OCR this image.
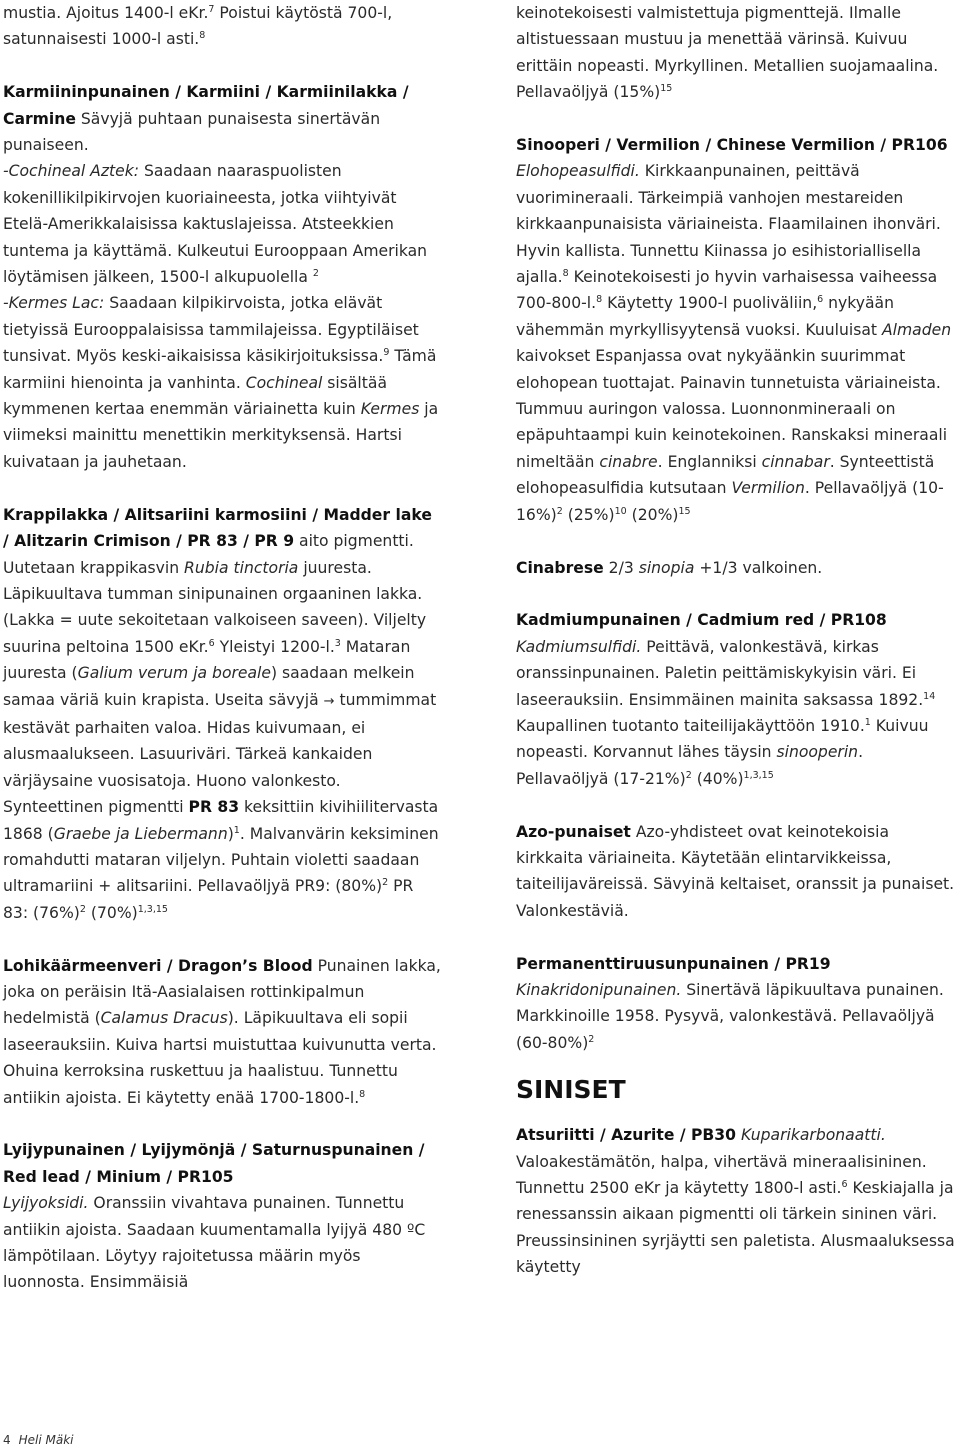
mustia. Ajoitus 1400-l eKr.$^7$ Poistui käytöstä 700-l, satunnaisesti 1000-l asti.$^8$

Karmiininpunainen / Karmiini / Karmiinilakka / Carmine Sävyjä puhtaan punaisesta sinertävän punaiseen.
-Cochineal Aztek: Saadaan naaraspuolisten kokenillikilpikirvojen kuoriaineesta, jotka viihtyivät Etelä-Amerikkalaisissa kaktuslajeissa. Atsteekkien tuntema ja käyttämä. Kulkeutui Eurooppaan Amerikan löytämisen jälkeen, 1500-l alkupuolella $^2$
-Kermes Lac: Saadaan kilpikirvoista, jotka elävät tietyissä Eurooppalaisissa tammilajeissa. Egyptiläiset tunsivat. Myös keski-aikaisissa käsikirjoituksissa.$^9$ Tämä karmiini hienointa ja vanhinta. Cochineal sisältää kymmenen kertaa enemmän väriainetta kuin Kermes ja viimeksi mainittu menettikin merkityksensä. Hartsi kuivataan ja jauhetaan.

Krappilakka / Alitsariini karmosiini / Madder lake / Alitzarin Crimison / PR 83 / PR 9 aito pigmentti. Uutetaan krappikasvin Rubia tinctoria juuresta. Läpikuultava tumman sinipunainen orgaaninen lakka. (Lakka = uute sekoitetaan valkoiseen saveen). Viljelty suurina peltoina 1500 eKr.$^6$ Yleistyi 1200-l.$^3$ Mataran juuresta (Galium verum ja boreale) saadaan melkein samaa väriä kuin krapista. Useita sävyjä → tummimmat kestävät parhaiten valoa. Hidas kuivumaan, ei alusmaalukseen. Lasuuriväri. Tärkeä kankaiden värjäysaine vuosisatoja. Huono valonkesto. Synteettinen pigmentti PR 83 keksittiin kivihiilitervasta 1868 (Graebe ja Liebermann)$^1$. Malvanvärin keksiminen romahdutti mataran viljelyn. Puhtain violetti saadaan ultramariini + alitsariini. Pellavaöljyä PR9: (80%)$^2$ PR 83: (76%)$^2$ (70%)$^{1,3,15}$

Lohikäärmeenveri / Dragon’s Blood Punainen lakka, joka on peräisin Itä-Aasialaisen rottinkipalmun hedelmistä (Calamus Dracus). Läpikuultava eli sopii laseerauksiin. Kuiva hartsi muistuttaa kuivunutta verta. Ohuina kerroksina ruskettuu ja haalistuu. Tunnettu antiikin ajoista. Ei käytetty enää 1700-1800-l.$^8$

Lyijypunainen / Lyijymönjä / Saturnuspunainen / Red lead / Minium / PR105
Lyijyoksidi. Oranssiin vivahtava punainen. Tunnettu antiikin ajoista. Saadaan kuumentamalla lyijyä 480 ºC lämpötilaan. Löytyy rajoitetussa määrin myös luonnosta. Ensimmäisiä

keinotekoisesti valmistettuja pigmenttejä. Ilmalle altistuessaan mustuu ja menettää värinsä. Kuivuu erittäin nopeasti. Myrkyllinen. Metallien suojamaalina. Pellavaöljyä (15%)$^{15}$

Sinooperi / Vermilion / Chinese Vermilion / PR106 Elohopeasulfidi. Kirkkaanpunainen, peittävä vuorimineraali. Tärkeimpiä vanhojen mestareiden kirkkaanpunaisista väriaineista. Flaamilainen ihonväri. Hyvin kallista. Tunnettu Kiinassa jo esihistoriallisella ajalla.$^8$ Keinotekoisesti jo hyvin varhaisessa vaiheessa 700-800-l.$^8$ Käytetty 1900-l puoliväliin,$^6$ nykyään vähemmän myrkyllisyytensä vuoksi. Kuuluisat Almaden kaivokset Espanjassa ovat nykyäänkin suurimmat elohopean tuottajat. Painavin tunnetuista väriaineista. Tummuu auringon valossa. Luonnonmineraali on epäpuhtaampi kuin keinotekoinen. Ranskaksi mineraali nimeltään cinabre. Englanniksi cinnabar. Synteettistä elohopeasulfidia kutsutaan Vermilion. Pellavaöljyä (10-16%)$^2$ (25%)$^{10}$ (20%)$^{15}$

Cinabrese 2/3 sinopia +1/3 valkoinen.

Kadmiumpunainen / Cadmium red / PR108
Kadmiumsulfidi. Peittävä, valonkestävä, kirkas oranssinpunainen. Paletin peittämiskykyisin väri. Ei laseerauksiin. Ensimmäinen mainita saksassa 1892.14 Kaupallinen tuotanto taiteilijakäyttöön 1910.$^1$ Kuivuu nopeasti. Korvannut lähes täysin sinooperin. Pellavaöljyä (17-21%)$^2$ (40%)$^{1,3,15}$

Azo-punaiset Azo-yhdisteet ovat keinotekoisia kirkkaita väriaineita. Käytetään elintarvikkeissa, taiteilijaväreissä. Sävyinä keltaiset, oranssit ja punaiset. Valonkestäviä.

Permanenttiruusunpunainen / PR19
Kinakridonipunainen. Sinertävä läpikuultava punainen. Markkinoille 1958. Pysyvä, valonkestävä. Pellavaöljyä (60-80%)$^2$

SINISET

Atsuriitti / Azurite / PB30 Kuparikarbonaatti. Valoakestämätön, halpa, vihertävä mineraalisininen. Tunnettu 2500 eKr ja käytetty 1800-l asti.$^6$ Keskiajalla ja renessanssin aikaan pigmentti oli tärkein sininen väri. Preussinsininen syrjäytti sen paletista. Alusmaaluksessa käytetty

4 Heli Mäki
